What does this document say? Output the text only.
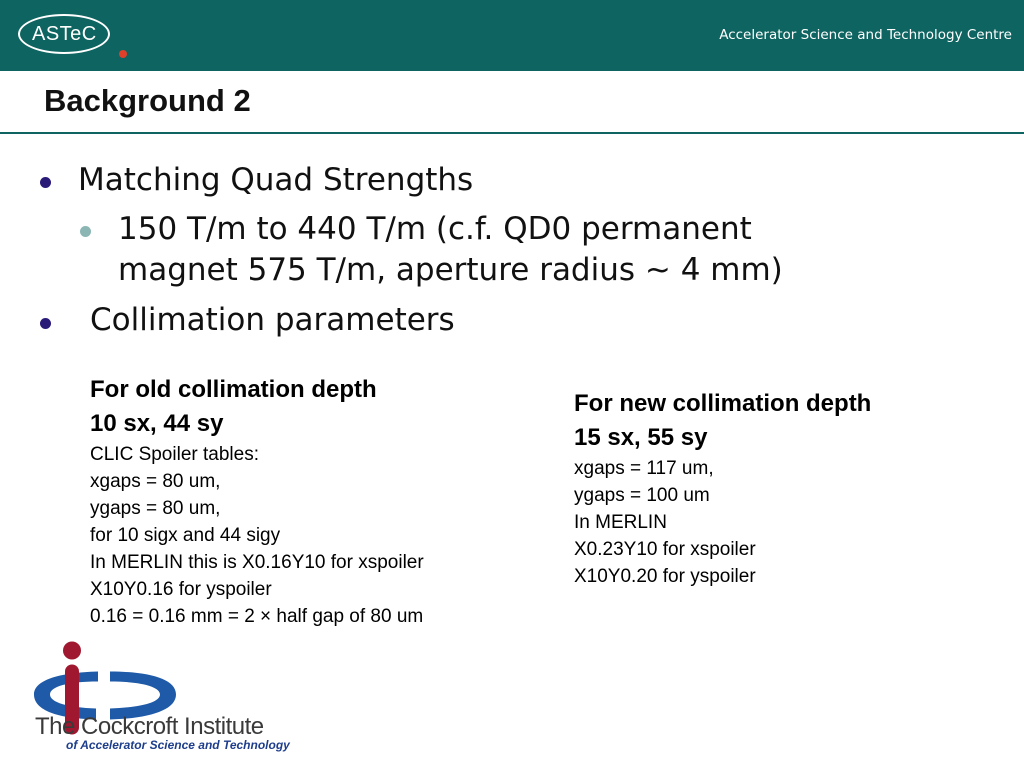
ASTeC	Accelerator Science and Technology Centre
Background 2
Matching Quad Strengths
150 T/m to 440 T/m (c.f. QD0 permanent
magnet 575 T/m, aperture radius ~ 4 mm)
Collimation parameters
For old collimation depth
10 sx, 44 sy
CLIC Spoiler tables:
xgaps = 80 um,
ygaps = 80 um,
for 10 sigx and 44 sigy
In MERLIN this is X0.16Y10 for xspoiler
X10Y0.16 for yspoiler
0.16 = 0.16 mm = 2 × half gap of 80 um
For new collimation depth
15 sx, 55 sy
xgaps = 117 um,
ygaps = 100 um
In MERLIN
X0.23Y10 for xspoiler
X10Y0.20 for yspoiler
The Cockcroft Institute
of Accelerator Science and Technology
